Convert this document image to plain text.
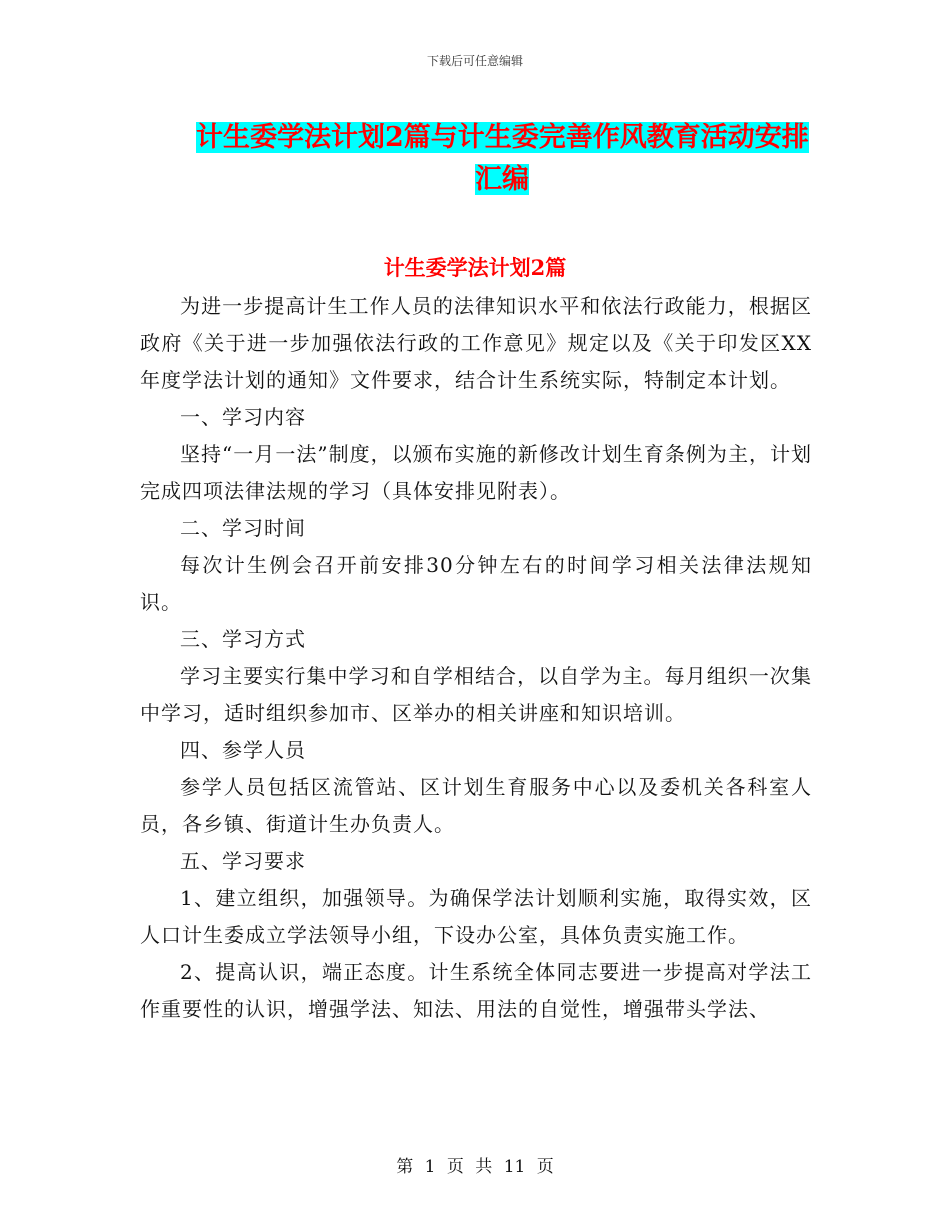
下载后可任意编辑
计生委学法计划2篇与计生委完善作风教育活动安排
汇编
计生委学法计划2篇

为进一步提高计生工作人员的法律知识水平和依法行政能力，根据区政府《关于进一步加强依法行政的工作意见》规定以及《关于印发区XX年度学法计划的通知》文件要求，结合计生系统实际，特制定本计划。

一、学习内容

坚持“一月一法”制度，以颁布实施的新修改计划生育条例为主，计划完成四项法律法规的学习（具体安排见附表）。

二、学习时间

每次计生例会召开前安排30分钟左右的时间学习相关法律法规知识。

三、学习方式

学习主要实行集中学习和自学相结合，以自学为主。每月组织一次集中学习，适时组织参加市、区举办的相关讲座和知识培训。

四、参学人员

参学人员包括区流管站、区计划生育服务中心以及委机关各科室人员，各乡镇、街道计生办负责人。

五、学习要求

1、建立组织，加强领导。为确保学法计划顺利实施，取得实效，区人口计生委成立学法领导小组，下设办公室，具体负责实施工作。

2、提高认识，端正态度。计生系统全体同志要进一步提高对学法工作重要性的认识，增强学法、知法、用法的自觉性，增强带头学法、

第 1 页 共 11 页
